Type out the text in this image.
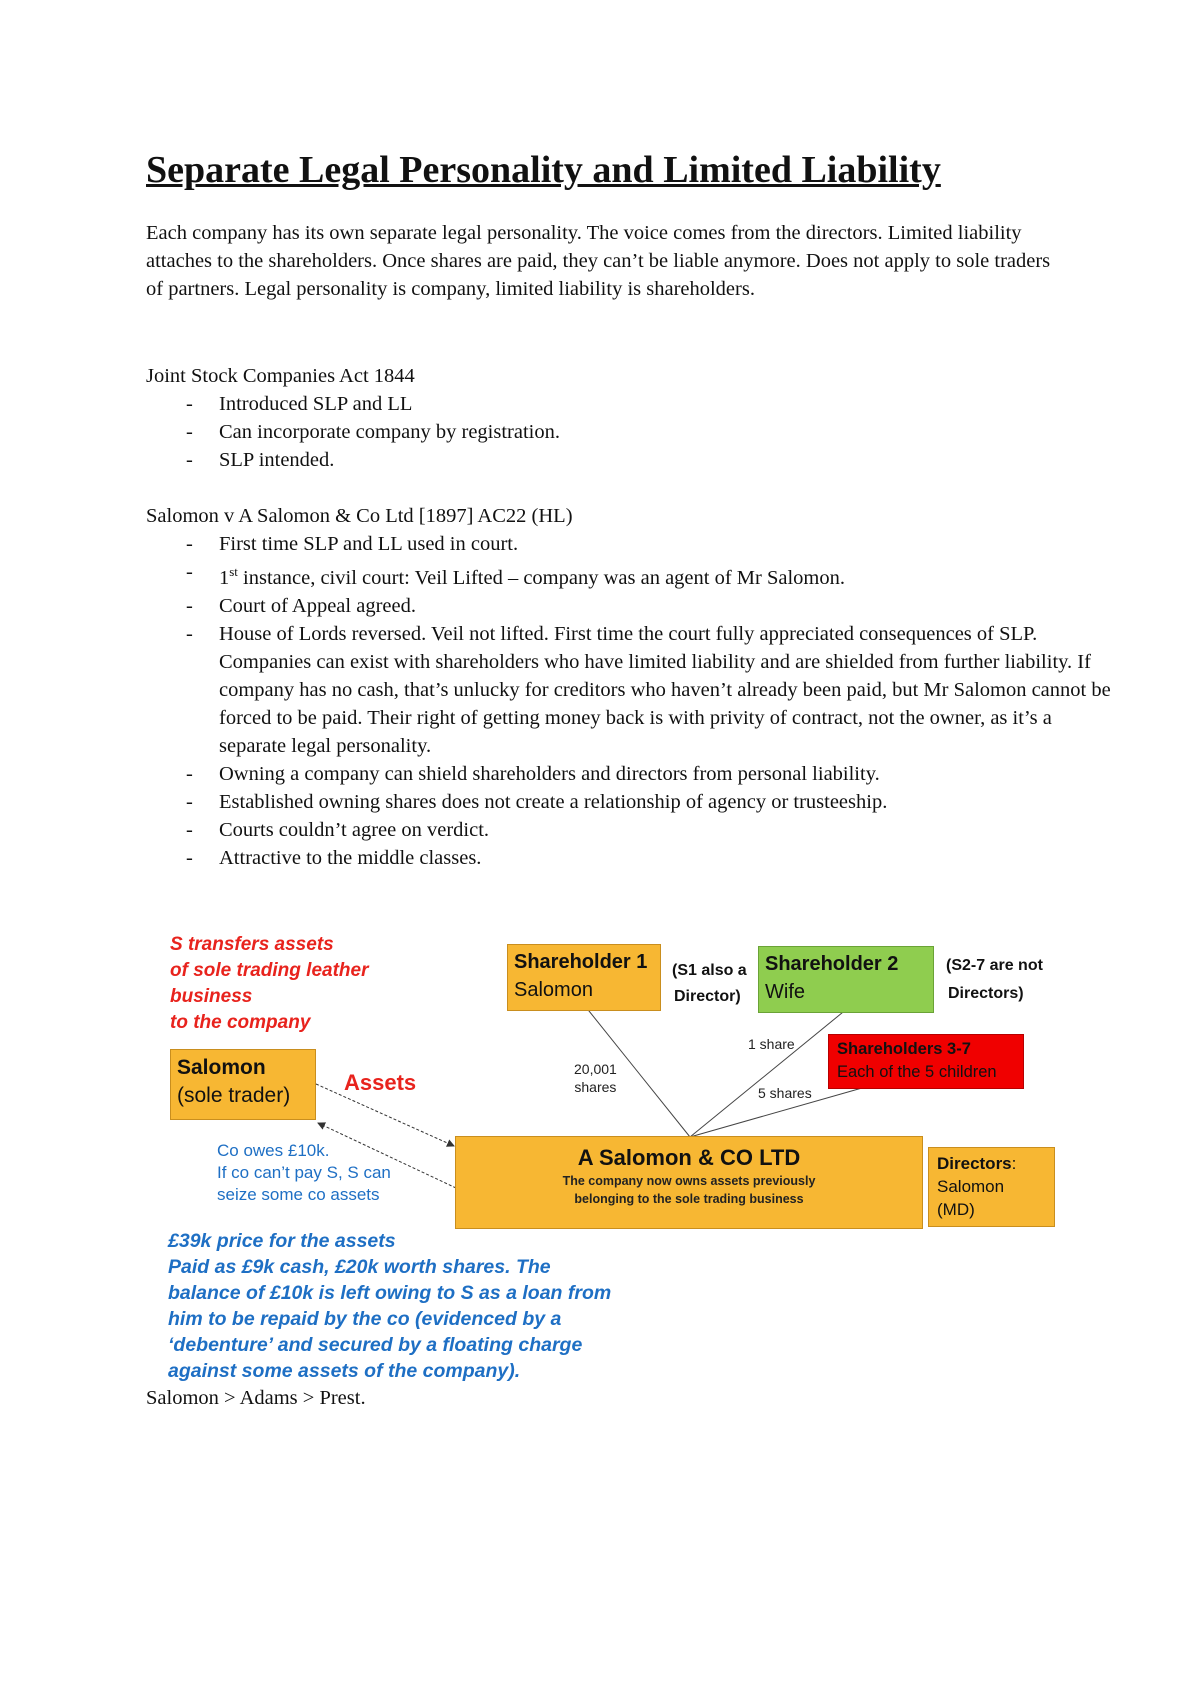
Separate Legal Personality and Limited Liability

Each company has its own separate legal personality. The voice comes from the directors. Limited liability attaches to the shareholders. Once shares are paid, they can’t be liable anymore. Does not apply to sole traders of partners. Legal personality is company, limited liability is shareholders.

Joint Stock Companies Act 1844

- Introduced SLP and LL
- Can incorporate company by registration.
- SLP intended.

Salomon v A Salomon & Co Ltd [1897] AC22 (HL)

- First time SLP and LL used in court.
- 1st instance, civil court: Veil Lifted – company was an agent of Mr Salomon.
- Court of Appeal agreed.
- House of Lords reversed. Veil not lifted. First time the court fully appreciated consequences of SLP. Companies can exist with shareholders who have limited liability and are shielded from further liability. If company has no cash, that’s unlucky for creditors who haven’t already been paid, but Mr Salomon cannot be forced to be paid. Their right of getting money back is with privity of contract, not the owner, as it’s a separate legal personality.
- Owning a company can shield shareholders and directors from personal liability.
- Established owning shares does not create a relationship of agency or trusteeship.
- Courts couldn’t agree on verdict.
- Attractive to the middle classes.
S transfers assets
of sole trading leather
business
to the company
Salomon
(sole trader)
Assets
Co owes £10k.
If co can’t pay S, S can
seize some co assets
£39k price for the assets
Paid as £9k cash, £20k worth shares. The
balance of £10k is left owing to S as a loan from
him to be repaid by the co (evidenced by a
‘debenture’ and secured by a floating charge
against some assets of the company).
Shareholder 1
Salomon
(S1 also a
Director)
Shareholder 2
Wife
(S2-7 are not
Directors)
Shareholders 3-7
Each of the 5 children
20,001
shares
1 share
5 shares
A Salomon & CO LTD
The company now owns assets previously
belonging to the sole trading business
Directors:
Salomon
(MD)

Salomon > Adams > Prest.
